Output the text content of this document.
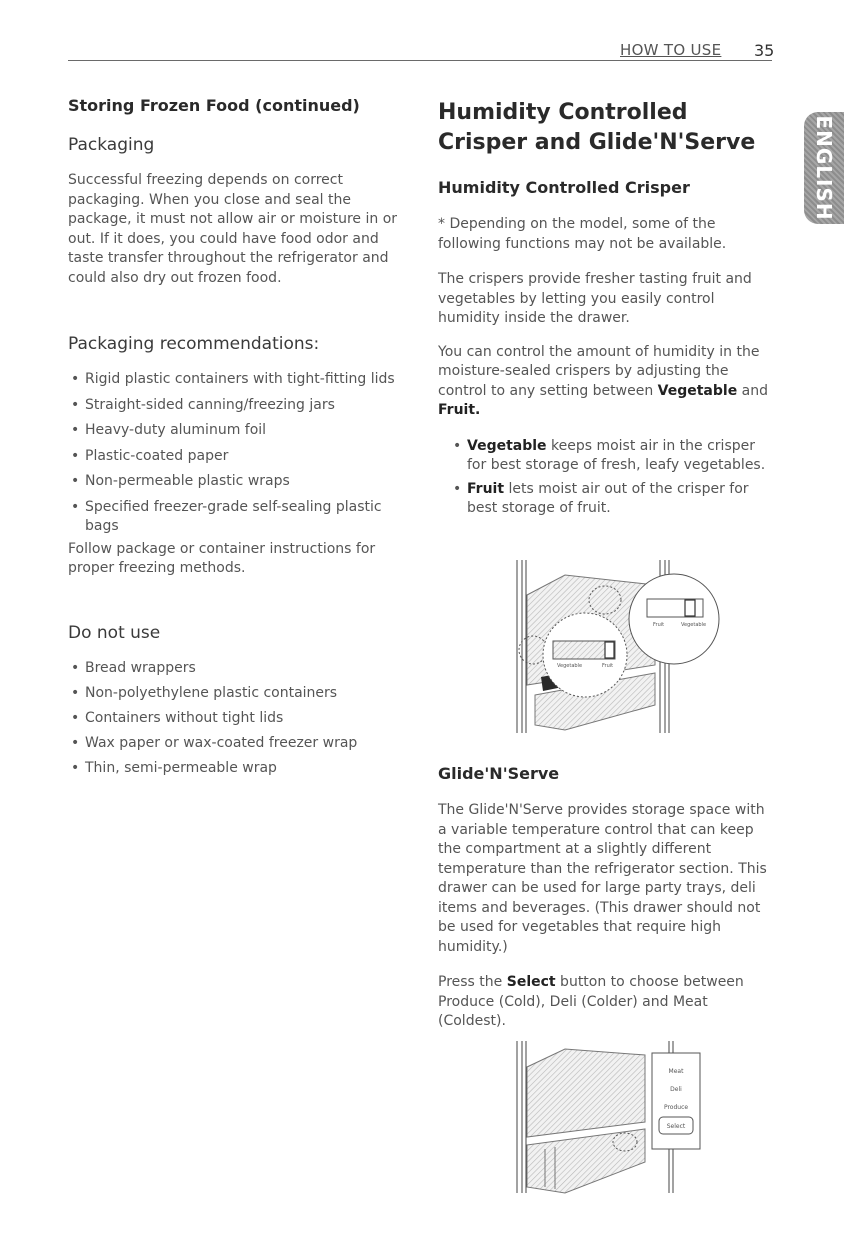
HOW TO USE 35
ENGLISH
Storing Frozen Food (continued)
Packaging

Successful freezing depends on correct packaging. When you close and seal the package, it must not allow air or moisture in or out. If it does, you could have food odor and taste transfer throughout the refrigerator and could also dry out frozen food.

Packaging recommendations:
• Rigid plastic containers with tight-fitting lids
• Straight-sided canning/freezing jars
• Heavy-duty aluminum foil
• Plastic-coated paper
• Non-permeable plastic wraps
• Specified freezer-grade self-sealing plastic bags

Follow package or container instructions for proper freezing methods.

Do not use
• Bread wrappers
• Non-polyethylene plastic containers
• Containers without tight lids
• Wax paper or wax-coated freezer wrap
• Thin, semi-permeable wrap
Humidity Controlled Crisper and Glide'N'Serve
Humidity Controlled Crisper

* Depending on the model, some of the following functions may not be available.

The crispers provide fresher tasting fruit and vegetables by letting you easily control humidity inside the drawer.

You can control the amount of humidity in the moisture-sealed crispers by adjusting the control to any setting between Vegetable and Fruit.

• Vegetable keeps moist air in the crisper for best storage of fresh, leafy vegetables.
• Fruit lets moist air out of the crisper for best storage of fruit.
Fruit	Vegetable
Vegetable	Fruit
Glide'N'Serve

The Glide'N'Serve provides storage space with a variable temperature control that can keep the compartment at a slightly different temperature than the refrigerator section. This drawer can be used for large party trays, deli items and beverages. (This drawer should not be used for vegetables that require high humidity.)

Press the Select button to choose between Produce (Cold), Deli (Colder) and Meat (Coldest).

Meat
Deli
Produce
Select
